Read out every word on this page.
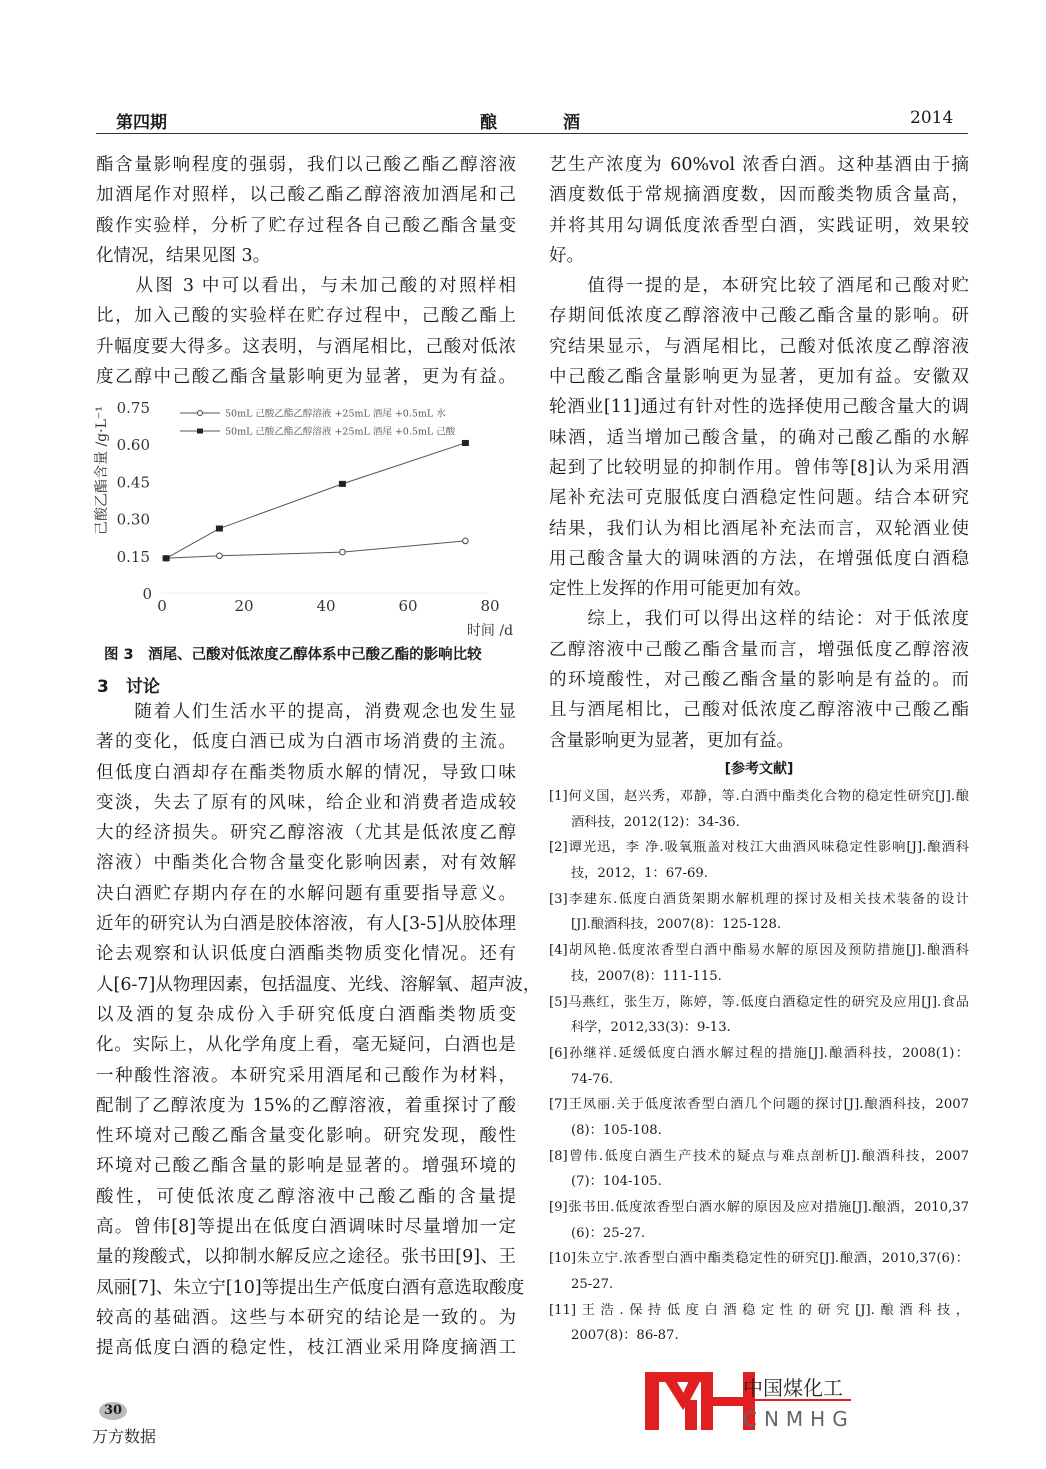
第四期	酿	酒	2014
酯含量影响程度的强弱，我们以己酸乙酯乙醇溶液
加酒尾作对照样，以己酸乙酯乙醇溶液加酒尾和己
酸作实验样，分析了贮存过程各自己酸乙酯含量变
化情况，结果见图 3。
　　从图 3 中可以看出，与未加己酸的对照样相
比，加入己酸的实验样在贮存过程中，己酸乙酯上
升幅度要大得多。这表明，与酒尾相比，己酸对低浓
度乙醇中己酸乙酯含量影响更为显著，更为有益。
0
0.15
0.30
0.45
0.60
0.75
0	20	40	60	80
时间 /d
己酸乙酯含量 /g·L⁻¹	50mL 己酸乙酯乙醇溶液 +25mL 酒尾 +0.5mL 水
50mL 己酸乙酯乙醇溶液 +25mL 酒尾 +0.5mL 己酸
图 3　酒尾、己酸对低浓度乙醇体系中己酸乙酯的影响比较
3　讨论
　　随着人们生活水平的提高，消费观念也发生显
著的变化，低度白酒已成为白酒市场消费的主流。
但低度白酒却存在酯类物质水解的情况，导致口味
变淡，失去了原有的风味，给企业和消费者造成较
大的经济损失。研究乙醇溶液（尤其是低浓度乙醇
溶液）中酯类化合物含量变化影响因素，对有效解
决白酒贮存期内存在的水解问题有重要指导意义。
近年的研究认为白酒是胶体溶液，有人[3-5]从胶体理
论去观察和认识低度白酒酯类物质变化情况。还有
人[6-7]从物理因素，包括温度、光线、溶解氧、超声波，
以及酒的复杂成份入手研究低度白酒酯类物质变
化。实际上，从化学角度上看，毫无疑问，白酒也是
一种酸性溶液。本研究采用酒尾和己酸作为材料，
配制了乙醇浓度为 15%的乙醇溶液，着重探讨了酸
性环境对己酸乙酯含量变化影响。研究发现，酸性
环境对己酸乙酯含量的影响是显著的。增强环境的
酸性，可使低浓度乙醇溶液中己酸乙酯的含量提
高。曾伟[8]等提出在低度白酒调味时尽量增加一定
量的羧酸式，以抑制水解反应之途径。张书田[9]、王
凤丽[7]、朱立宁[10]等提出生产低度白酒有意选取酸度
较高的基础酒。这些与本研究的结论是一致的。为
提高低度白酒的稳定性，枝江酒业采用降度摘酒工
艺生产浓度为 60%vol 浓香白酒。这种基酒由于摘
酒度数低于常规摘酒度数，因而酸类物质含量高，
并将其用勾调低度浓香型白酒，实践证明，效果较
好。
　　值得一提的是，本研究比较了酒尾和己酸对贮
存期间低浓度乙醇溶液中己酸乙酯含量的影响。研
究结果显示，与酒尾相比，己酸对低浓度乙醇溶液
中己酸乙酯含量影响更为显著，更加有益。安徽双
轮酒业[11]通过有针对性的选择使用己酸含量大的调
味酒，适当增加己酸含量，的确对己酸乙酯的水解
起到了比较明显的抑制作用。曾伟等[8]认为采用酒
尾补充法可克服低度白酒稳定性问题。结合本研究
结果，我们认为相比酒尾补充法而言，双轮酒业使
用己酸含量大的调味酒的方法，在增强低度白酒稳
定性上发挥的作用可能更加有效。
　　综上，我们可以得出这样的结论：对于低浓度
乙醇溶液中己酸乙酯含量而言，增强低度乙醇溶液
的环境酸性，对己酸乙酯含量的影响是有益的。而
且与酒尾相比，己酸对低浓度乙醇溶液中己酸乙酯
含量影响更为显著，更加有益。
[参考文献]
[1]何义国，赵兴秀，邓静，等.白酒中酯类化合物的稳定性研究[J].酿
酒科技，2012(12)：34-36.
[2]谭光迅，李 净.吸氧瓶盖对枝江大曲酒风味稳定性影响[J].酿酒科
技，2012，1：67-69.
[3]李建东.低度白酒货架期水解机理的探讨及相关技术装备的设计
[J].酿酒科技，2007(8)：125-128.
[4]胡风艳.低度浓香型白酒中酯易水解的原因及预防措施[J].酿酒科
技，2007(8)：111-115.
[5]马燕红，张生万，陈婷，等.低度白酒稳定性的研究及应用[J].食品
科学，2012,33(3)：9-13.
[6]孙继祥.延缓低度白酒水解过程的措施[J].酿酒科技，2008(1)：
74-76.
[7]王凤丽.关于低度浓香型白酒几个问题的探讨[J].酿酒科技，2007
(8)：105-108.
[8]曾伟.低度白酒生产技术的疑点与难点剖析[J].酿酒科技，2007
(7)：104-105.
[9]张书田.低度浓香型白酒水解的原因及应对措施[J].酿酒，2010,37
(6)：25-27.
[10]朱立宁.浓香型白酒中酯类稳定性的研究[J].酿酒，2010,37(6)：
25-27.
[11]王浩.保持低度白酒稳定性的研究[J].酿酒科技，
2007(8)：86-87.
中国煤化工
CNMHG
30
万方数据
